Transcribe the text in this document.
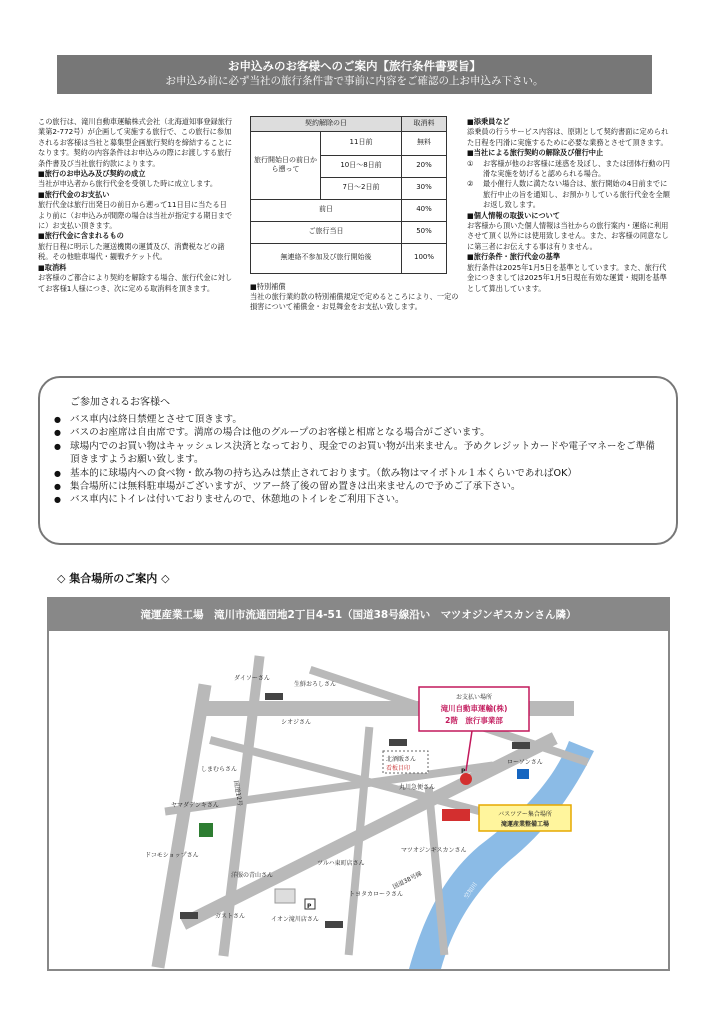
お申込みのお客様へのご案内【旅行条件書要旨】
お申込み前に必ず当社の旅行条件書で事前に内容をご確認の上お申込み下さい。

この旅行は、滝川自動車運輸株式会社（北海道知事登録旅行業第2-772号）が企画して実施する旅行で、この旅行に参加されるお客様は当社と募集型企画旅行契約を締結することになります。契約の内容条件はお申込みの際にお渡しする旅行条件書及び当社旅行約款によります。

■旅行のお申込み及び契約の成立

当社が申込者から旅行代金を受領した時に成立します。

■旅行代金のお支払い

旅行代金は旅行出発日の前日から遡って11日目に当たる日より前に（お申込みが間際の場合は当社が指定する期日までに）お支払い頂きます。

■旅行代金に含まれるもの

旅行日程に明示した運送機関の運賃及び、消費税などの諸税。その他駐車場代・観戦チケット代。

■取消料

お客様のご都合により契約を解除する場合、旅行代金に対してお客様1人様につき、次に定める取消料を頂きます。

契約解除の日		取消料
旅行開始日の前日から遡って	11日前	無料
	10日〜8日前	20%
	7日〜2日前	30%
前日		40%
ご旅行当日		50%
無連絡不参加及び旅行開始後		100%

■特別補償

当社の旅行業約款の特別補償規定で定めるところにより、一定の損害について補償金・お見舞金をお支払い致します。

■添乗員など

添乗員の行うサービス内容は、原則として契約書面に定められた日程を円滑に実施するために必要な業務とさせて頂きます。

■当社による旅行契約の解除及び催行中止

①	お客様が他のお客様に迷惑を及ぼし、または団体行動の円滑な実施を妨げると認められる場合。
②	最小催行人数に満たない場合は、旅行開始の4日前までに旅行中止の旨を通知し、お預かりしている旅行代金を全額お返し致します。

■個人情報の取扱いについて

お客様から頂いた個人情報は当社からの旅行案内・運絡に利用させて頂く以外には使用致しません。また、お客様の同意なしに第三者にお伝えする事は有りません。

■旅行条件・旅行代金の基準

旅行条件は2025年1月5日を基準としています。また、旅行代金につきましては2025年1月5日現在有効な運賃・規則を基準として算出しています。

ご参加されるお客様へ
● バス車内は終日禁煙とさせて頂きます。
● バスのお座席は自由席です。満席の場合は他のグループのお客様と相席となる場合がございます。
● 球場内でのお買い物はキャッシュレス決済となっており、現金でのお買い物が出来ません。予めクレジットカードや電子マネーをご準備頂きますようお願い致します。
● 基本的に球場内への食べ物・飲み物の持ち込みは禁止されております。（飲み物はマイボトル１本くらいであればOK）
● 集合場所には無料駐車場がございますが、ツアー終了後の留め置きは出来ませんので予めご了承下さい。
● バス車内にトイレは付いておりませんので、休憩地のトイレをご利用下さい。
◇ 集合場所のご案内 ◇
滝運産業工場　滝川市流通団地2丁目4-51（国道38号線沿い　マツオジンギスカンさん隣）
お支払い場所
滝川自動車運輸(株)
2階　旅行事業部
バスツアー集合場所
滝運産業整備工場
ダイソーさん
生鮮おろしさん
シオジさん
しまむらさん
ヤマダデンキさん
ドコモショップさん
洋服の青山さん
ガストさん	イオン滝川店さん
ツルハ東町店さん
トヨタカローラさん
マツオジンギスカンさん
北酒販さん
看板目印
丸川急便さん
ローソンさん
P
P
国道12号
国道38号線	空知川
